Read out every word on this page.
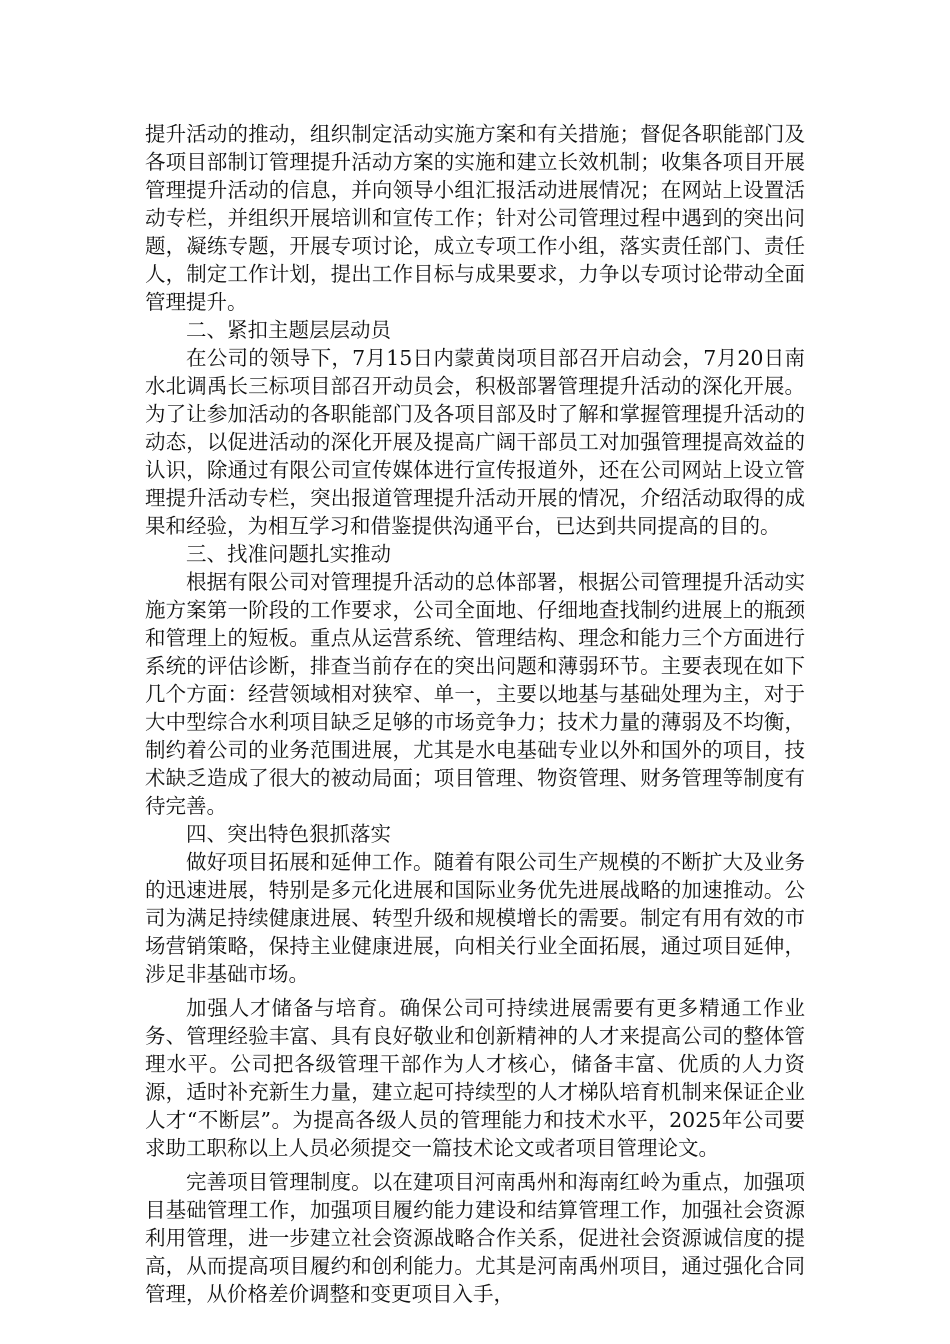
提升活动的推动，组织制定活动实施方案和有关措施；督促各职能部门及各项目部制订管理提升活动方案的实施和建立长效机制；收集各项目开展管理提升活动的信息，并向领导小组汇报活动进展情况；在网站上设置活动专栏，并组织开展培训和宣传工作；针对公司管理过程中遇到的突出问题，凝练专题，开展专项讨论，成立专项工作小组，落实责任部门、责任人，制定工作计划，提出工作目标与成果要求，力争以专项讨论带动全面管理提升。

二、紧扣主题层层动员

在公司的领导下，7月15日内蒙黄岗项目部召开启动会，7月20日南水北调禹长三标项目部召开动员会，积极部署管理提升活动的深化开展。为了让参加活动的各职能部门及各项目部及时了解和掌握管理提升活动的动态，以促进活动的深化开展及提高广阔干部员工对加强管理提高效益的认识，除通过有限公司宣传媒体进行宣传报道外，还在公司网站上设立管理提升活动专栏，突出报道管理提升活动开展的情况，介绍活动取得的成果和经验，为相互学习和借鉴提供沟通平台，已达到共同提高的目的。

三、找准问题扎实推动

根据有限公司对管理提升活动的总体部署，根据公司管理提升活动实施方案第一阶段的工作要求，公司全面地、仔细地查找制约进展上的瓶颈和管理上的短板。重点从运营系统、管理结构、理念和能力三个方面进行系统的评估诊断，排查当前存在的突出问题和薄弱环节。主要表现在如下几个方面：经营领域相对狭窄、单一，主要以地基与基础处理为主，对于大中型综合水利项目缺乏足够的市场竞争力；技术力量的薄弱及不均衡，制约着公司的业务范围进展，尤其是水电基础专业以外和国外的项目，技术缺乏造成了很大的被动局面；项目管理、物资管理、财务管理等制度有待完善。

四、突出特色狠抓落实

做好项目拓展和延伸工作。随着有限公司生产规模的不断扩大及业务的迅速进展，特别是多元化进展和国际业务优先进展战略的加速推动。公司为满足持续健康进展、转型升级和规模增长的需要。制定有用有效的市场营销策略，保持主业健康进展，向相关行业全面拓展，通过项目延伸，涉足非基础市场。

加强人才储备与培育。确保公司可持续进展需要有更多精通工作业务、管理经验丰富、具有良好敬业和创新精神的人才来提高公司的整体管理水平。公司把各级管理干部作为人才核心，储备丰富、优质的人力资源，适时补充新生力量，建立起可持续型的人才梯队培育机制来保证企业人才“不断层”。为提高各级人员的管理能力和技术水平，2025年公司要求助工职称以上人员必须提交一篇技术论文或者项目管理论文。

完善项目管理制度。以在建项目河南禹州和海南红岭为重点，加强项目基础管理工作，加强项目履约能力建设和结算管理工作，加强社会资源利用管理，进一步建立社会资源战略合作关系，促进社会资源诚信度的提高，从而提高项目履约和创利能力。尤其是河南禹州项目，通过强化合同管理，从价格差价调整和变更项目入手，
